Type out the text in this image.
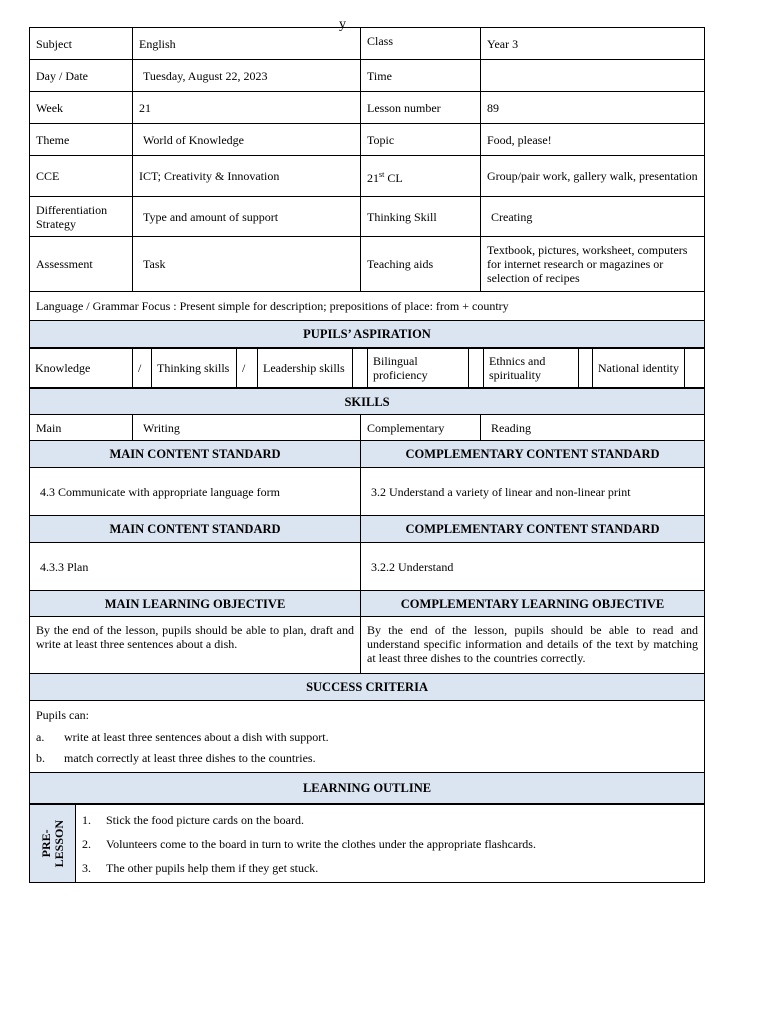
y
Subject	English	Class	Year 3
Day / Date	Tuesday, August 22, 2023	Time	
Week	21	Lesson number	89
Theme	World of Knowledge	Topic	Food, please!
CCE	ICT; Creativity & Innovation	21st CL	Group/pair work, gallery walk, presentation
Differentiation Strategy	Type and amount of support	Thinking Skill	Creating
Assessment	Task	Teaching aids	Textbook, pictures, worksheet, computers for internet research or magazines or selection of recipes
Language / Grammar Focus : Present simple for description; prepositions of place: from + country			
PUPILS’ ASPIRATION			
Knowledge	/	Thinking skills	/	Leadership skills		Bilingual proficiency		Ethnics and spirituality		National identity	
SKILLS			
Main	Writing	Complementary	Reading
MAIN CONTENT STANDARD		COMPLEMENTARY CONTENT STANDARD	
4.3 Communicate with appropriate language form		3.2 Understand a variety of linear and non-linear print	
MAIN CONTENT STANDARD		COMPLEMENTARY CONTENT STANDARD	
4.3.3 Plan		3.2.2 Understand	
MAIN LEARNING OBJECTIVE		COMPLEMENTARY LEARNING OBJECTIVE	
By the end of the lesson, pupils should be able to plan, draft and write at least three sentences about a dish.		By the end of the lesson, pupils should be able to read and understand specific information and details of the text by matching at least three dishes to the countries correctly.	
SUCCESS CRITERIA			

Pupils can:
a. write at least three sentences about a dish with support.
b. match correctly at least three dishes to the countries.			

LEARNING OUTLINE			
PRE-
LESSON

1.	Stick the food picture cards on the board.
2.	Volunteers come to the board in turn to write the clothes under the appropriate flashcards.
3.	The other pupils help them if they get stuck.
